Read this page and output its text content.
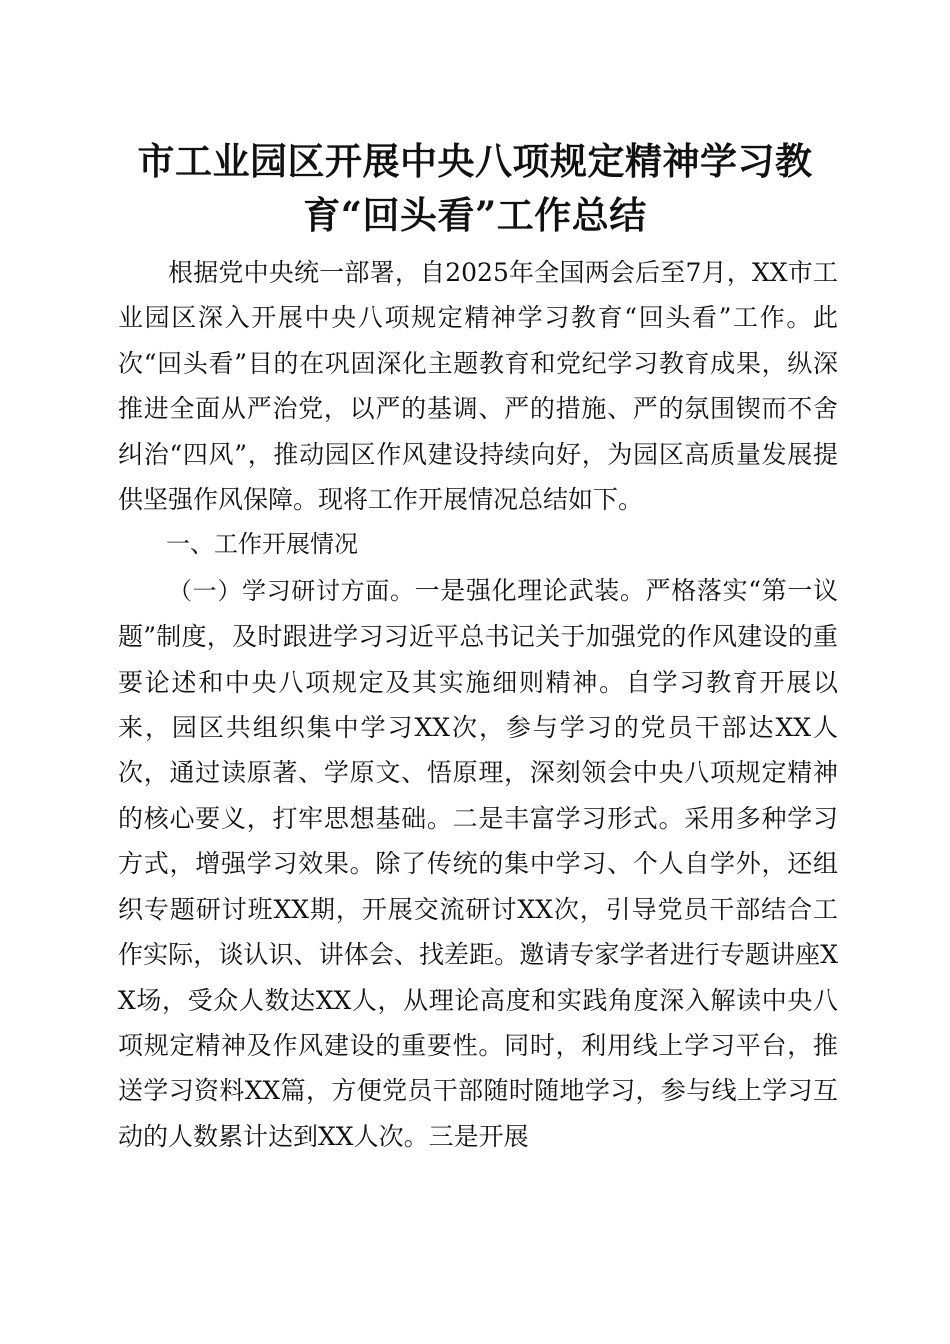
市工业园区开展中央八项规定精神学习教
育“回头看”工作总结

根据党中央统一部署，自2025年全国两会后至7月，XX市工业园区深入开展中央八项规定精神学习教育“回头看”工作。此次“回头看”目的在巩固深化主题教育和党纪学习教育成果，纵深推进全面从严治党，以严的基调、严的措施、严的氛围锲而不舍纠治“四风”，推动园区作风建设持续向好，为园区高质量发展提供坚强作风保障。现将工作开展情况总结如下。

一、工作开展情况

（一）学习研讨方面。一是强化理论武装。严格落实“第一议题”制度，及时跟进学习习近平总书记关于加强党的作风建设的重要论述和中央八项规定及其实施细则精神。自学习教育开展以来，园区共组织集中学习XX次，参与学习的党员干部达XX人次，通过读原著、学原文、悟原理，深刻领会中央八项规定精神的核心要义，打牢思想基础。二是丰富学习形式。采用多种学习方式，增强学习效果。除了传统的集中学习、个人自学外，还组织专题研讨班XX期，开展交流研讨XX次，引导党员干部结合工作实际，谈认识、讲体会、找差距。邀请专家学者进行专题讲座XX场，受众人数达XX人，从理论高度和实践角度深入解读中央八项规定精神及作风建设的重要性。同时，利用线上学习平台，推送学习资料XX篇，方便党员干部随时随地学习，参与线上学习互动的人数累计达到XX人次。三是开展
